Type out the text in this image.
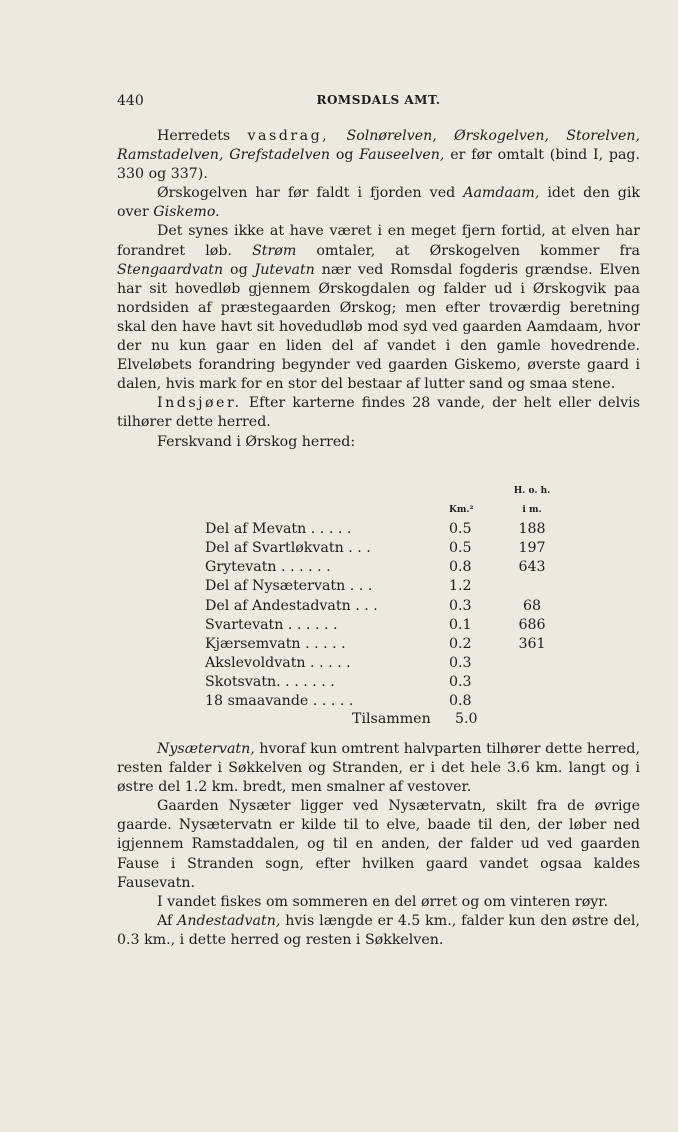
440	ROMSDALS AMT.

Herredets vasdrag, Solnørelven, Ørskogelven, Storelven, Ramstadelven, Grefstadelven og Fauseelven, er før omtalt (bind I, pag. 330 og 337).

Ørskogelven har før faldt i fjorden ved Aamdaam, idet den gik over Giskemo.

Det synes ikke at have været i en meget fjern fortid, at elven har forandret løb. Strøm omtaler, at Ørskogelven kommer fra Stengaardvatn og Jutevatn nær ved Romsdal fogderis grændse. Elven har sit hovedløb gjennem Ørskogdalen og falder ud i Ørskogvik paa nordsiden af præstegaarden Ørskog; men efter troværdig beretning skal den have havt sit hovedudløb mod syd ved gaarden Aamdaam, hvor der nu kun gaar en liden del af vandet i den gamle hovedrende. Elveløbets forandring begynder ved gaarden Giskemo, øverste gaard i dalen, hvis mark for en stor del bestaar af lutter sand og smaa stene.

Indsjøer. Efter karterne findes 28 vande, der helt eller delvis tilhører dette herred.

Ferskvand i Ørskog herred:

		H. o. h.
	Km.²	i m.
Del af Mevatn . . . . .	0.5	188
Del af Svartløkvatn . . .	0.5	197
Grytevatn . . . . . .	0.8	643
Del af Nysætervatn . . .	1.2	
Del af Andestadvatn . . .	0.3	68
Svartevatn . . . . . .	0.1	686
Kjærsemvatn . . . . .	0.2	361
Akslevoldvatn . . . . .	0.3	
Skotsvatn. . . . . . .	0.3	
18 smaavande . . . . .	0.8	
Tilsammen 5.0

Nysætervatn, hvoraf kun omtrent halvparten tilhører dette herred, resten falder i Søkkelven og Stranden, er i det hele 3.6 km. langt og i østre del 1.2 km. bredt, men smalner af vestover.

Gaarden Nysæter ligger ved Nysætervatn, skilt fra de øvrige gaarde. Nysætervatn er kilde til to elve, baade til den, der løber ned igjennem Ramstaddalen, og til en anden, der falder ud ved gaarden Fause i Stranden sogn, efter hvilken gaard vandet ogsaa kaldes Fausevatn.

I vandet fiskes om sommeren en del ørret og om vinteren røyr.

Af Andestadvatn, hvis længde er 4.5 km., falder kun den østre del, 0.3 km., i dette herred og resten i Søkkelven.
